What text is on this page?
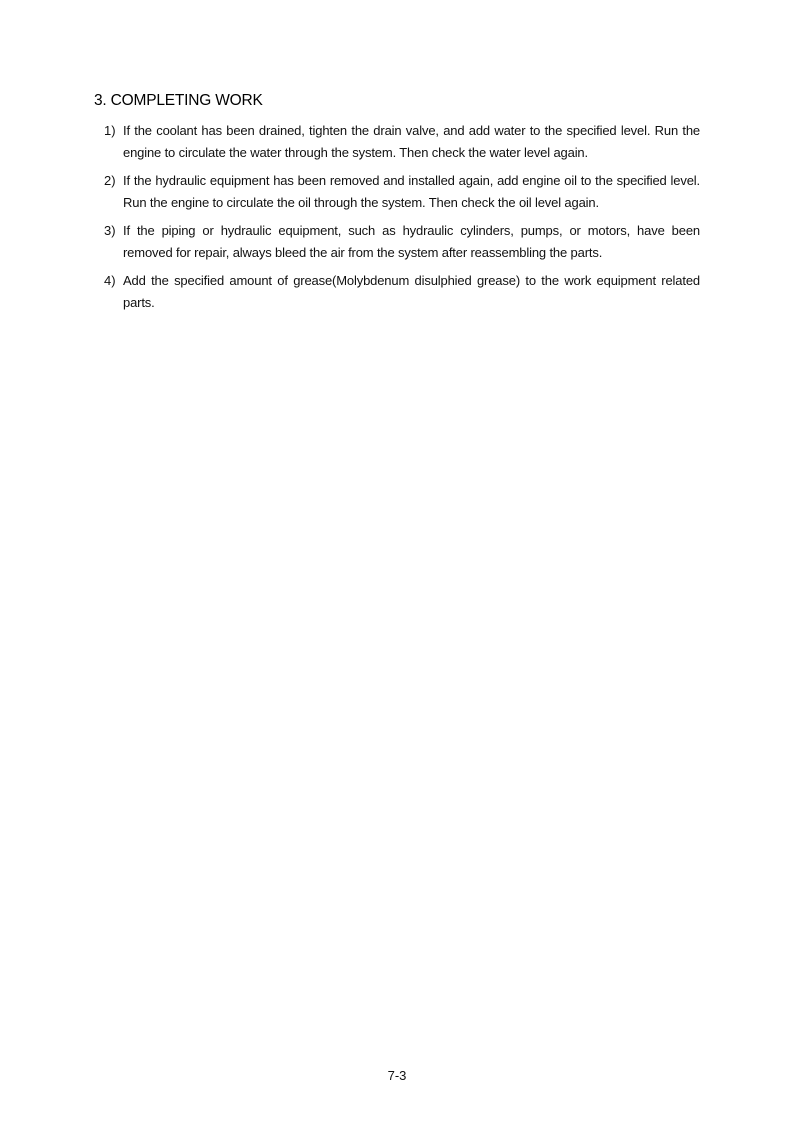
3. COMPLETING WORK
1) If the coolant has been drained, tighten the drain valve, and add water to the specified level. Run the engine to circulate the water through the system. Then check the water level again.
2) If the hydraulic equipment has been removed and installed again, add engine oil to the specified level. Run the engine to circulate the oil through the system. Then check the oil level again.
3) If the piping or hydraulic equipment, such as hydraulic cylinders, pumps, or motors, have been removed for repair, always bleed the air from the system after reassembling the parts.
4) Add the specified amount of grease(Molybdenum disulphied grease) to the work equipment related parts.
7-3
